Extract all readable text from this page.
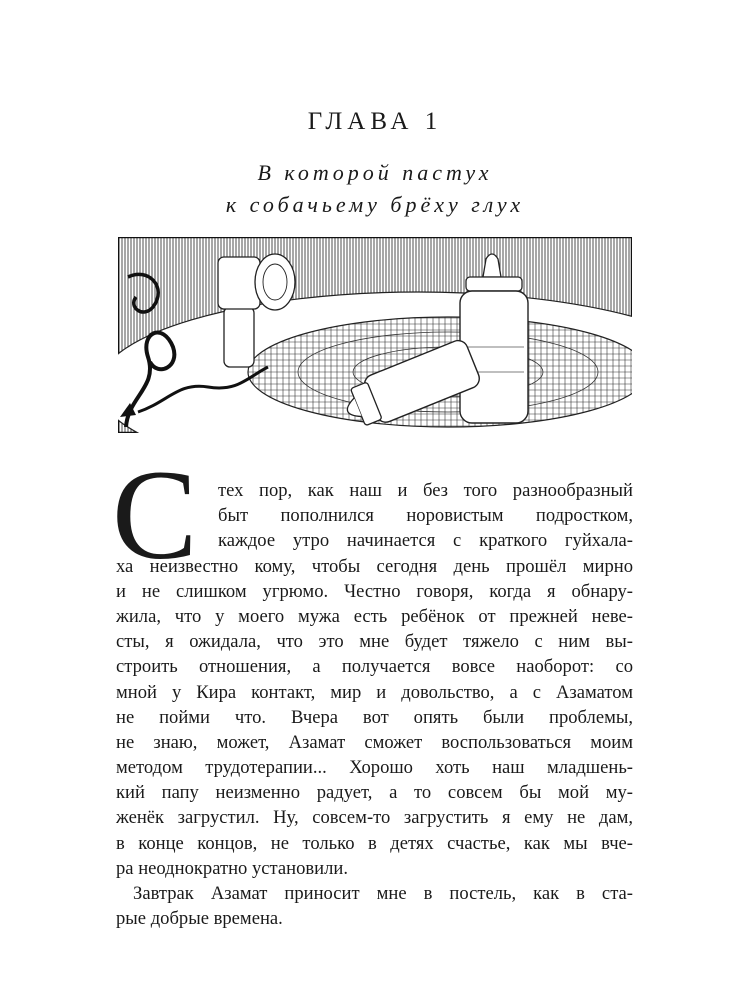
ГЛАВА 1
В которой пастух
к собачьему брёху глух
С	тех пор, как наш и без того разнообразный
быт пополнился норовистым подростком,
каждое утро начинается с краткого гуйхала-
ха неизвестно кому, чтобы сегодня день прошёл мирно
и не слишком угрюмо. Честно говоря, когда я обнару-
жила, что у моего мужа есть ребёнок от прежней неве-
сты, я ожидала, что это мне будет тяжело с ним вы-
строить отношения, а получается вовсе наоборот: со
мной у Кира контакт, мир и довольство, а с Азаматом
не пойми что. Вчера вот опять были проблемы,
не знаю, может, Азамат сможет воспользоваться моим
методом трудотерапии... Хорошо хоть наш младшень-
кий папу неизменно радует, а то совсем бы мой му-
женёк загрустил. Ну, совсем-то загрустить я ему не дам,
в конце концов, не только в детях счастье, как мы вче-
ра неоднократно установили.
Завтрак Азамат приносит мне в постель, как в ста-
рые добрые времена.
